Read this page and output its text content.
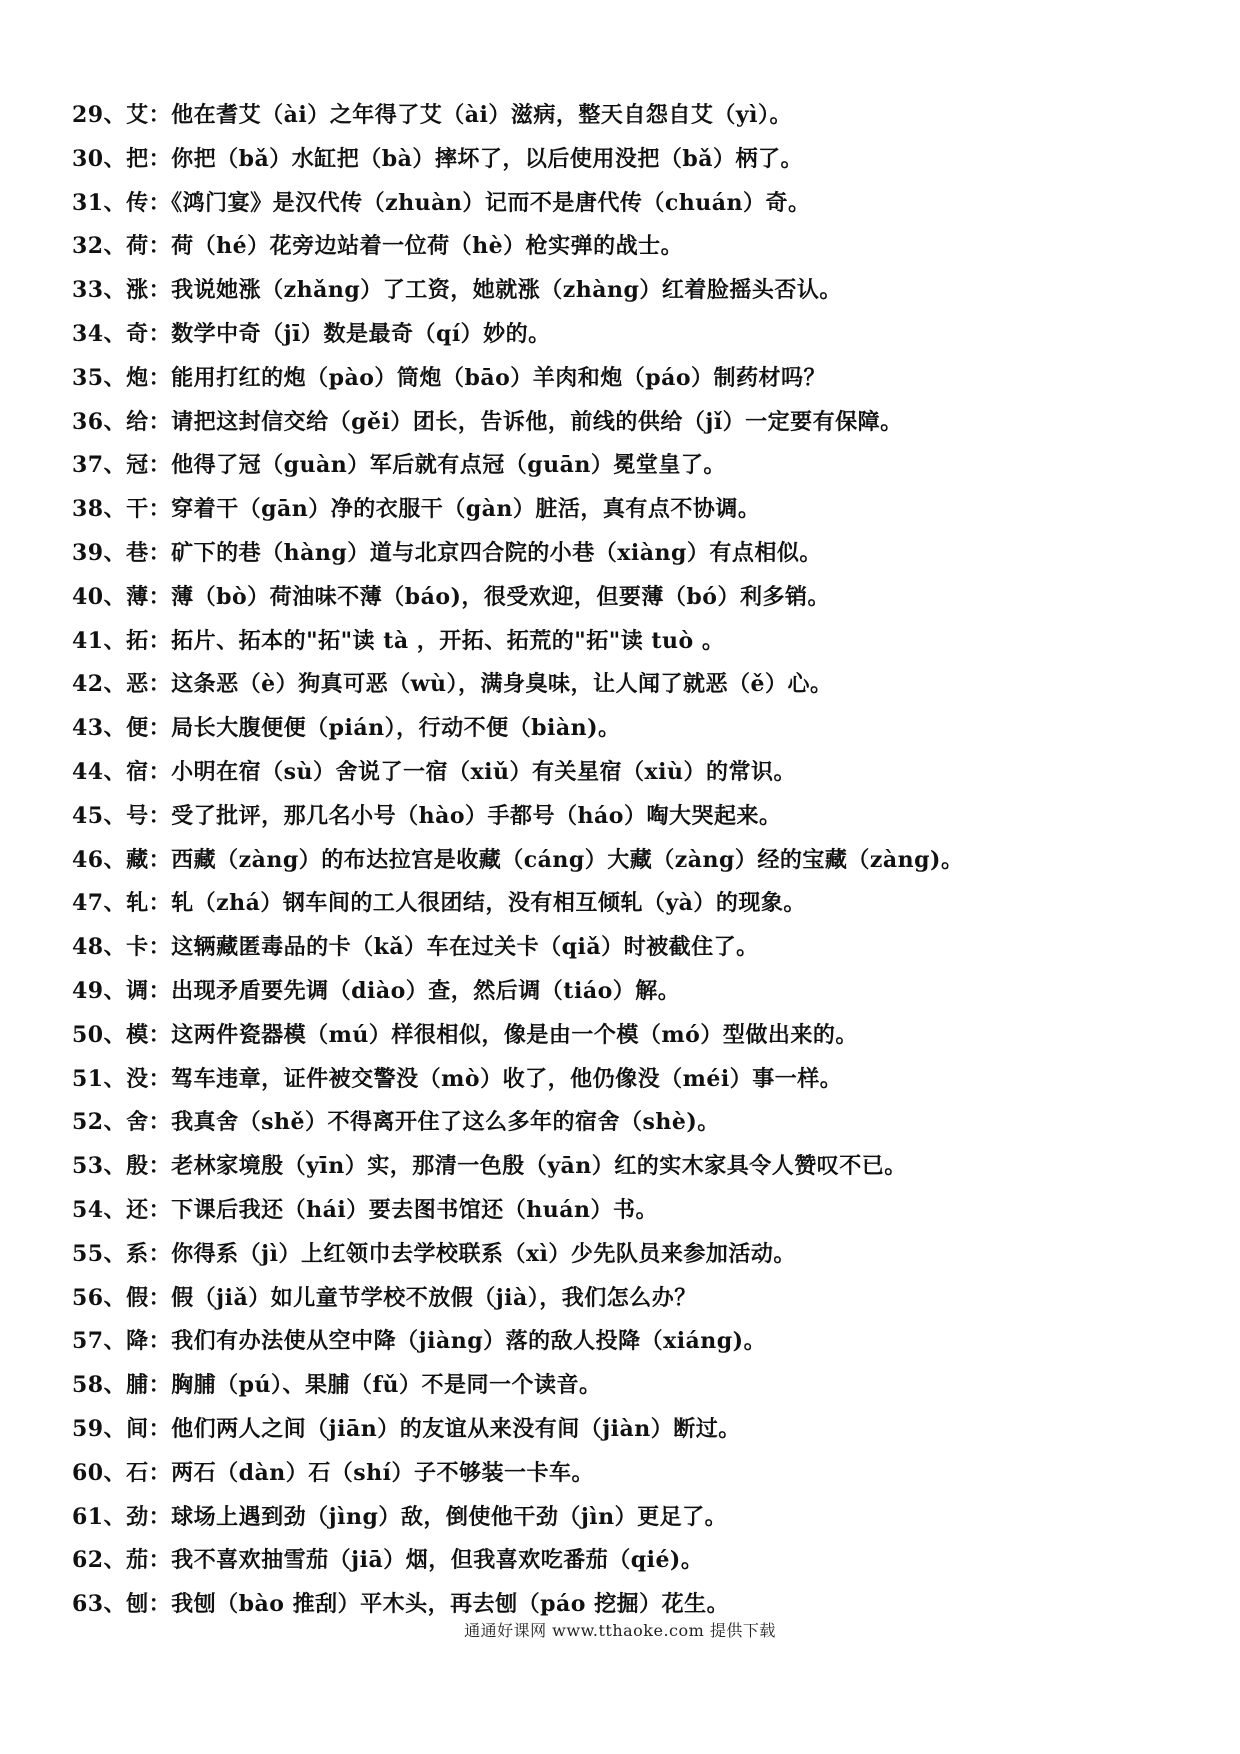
29、艾：他在耆艾（ài）之年得了艾（ài）滋病，整天自怨自艾（yì）。
30、把：你把（bǎ）水缸把（bà）摔坏了，以后使用没把（bǎ）柄了。
31、传：《鸿门宴》是汉代传（zhuàn）记而不是唐代传（chuán）奇。
32、荷：荷（hé）花旁边站着一位荷（hè）枪实弹的战士。
33、涨：我说她涨（zhǎng）了工资，她就涨（zhàng）红着脸摇头否认。
34、奇：数学中奇（jī）数是最奇（qí）妙的。
35、炮：能用打红的炮（pào）筒炮（bāo）羊肉和炮（páo）制药材吗？
36、给：请把这封信交给（gěi）团长，告诉他，前线的供给（jǐ）一定要有保障。
37、冠：他得了冠（guàn）军后就有点冠（guān）冕堂皇了。
38、干：穿着干（gān）净的衣服干（gàn）脏活，真有点不协调。
39、巷：矿下的巷（hàng）道与北京四合院的小巷（xiàng）有点相似。
40、薄：薄（bò）荷油味不薄（báo)，很受欢迎，但要薄（bó）利多销。
41、拓：拓片、拓本的"拓"读 tà ，开拓、拓荒的"拓"读 tuò 。
42、恶：这条恶（è）狗真可恶（wù），满身臭味，让人闻了就恶（ě）心。
43、便：局长大腹便便（pián），行动不便（biàn)。
44、宿：小明在宿（sù）舍说了一宿（xiǔ）有关星宿（xiù）的常识。
45、号：受了批评，那几名小号（hào）手都号（háo）啕大哭起来。
46、藏：西藏（zàng）的布达拉宫是收藏（cáng）大藏（zàng）经的宝藏（zàng)。
47、轧：轧（zhá）钢车间的工人很团结，没有相互倾轧（yà）的现象。
48、卡：这辆藏匿毒品的卡（kǎ）车在过关卡（qiǎ）时被截住了。
49、调：出现矛盾要先调（diào）查，然后调（tiáo）解。
50、模：这两件瓷器模（mú）样很相似，像是由一个模（mó）型做出来的。
51、没：驾车违章，证件被交警没（mò）收了，他仍像没（méi）事一样。
52、舍：我真舍（shě）不得离开住了这么多年的宿舍（shè)。
53、殷：老林家境殷（yīn）实，那清一色殷（yān）红的实木家具令人赞叹不已。
54、还：下课后我还（hái）要去图书馆还（huán）书。
55、系：你得系（jì）上红领巾去学校联系（xì）少先队员来参加活动。
56、假：假（jiǎ）如儿童节学校不放假（jià），我们怎么办？
57、降：我们有办法使从空中降（jiàng）落的敌人投降（xiáng)。
58、脯：胸脯（pú）、果脯（fǔ）不是同一个读音。
59、间：他们两人之间（jiān）的友谊从来没有间（jiàn）断过。
60、石：两石（dàn）石（shí）子不够装一卡车。
61、劲：球场上遇到劲（jìng）敌，倒使他干劲（jìn）更足了。
62、茄：我不喜欢抽雪茄（jiā）烟，但我喜欢吃番茄（qié)。
63、刨：我刨（bào 推刮）平木头，再去刨（páo 挖掘）花生。
通通好课网 www.tthaoke.com 提供下载
